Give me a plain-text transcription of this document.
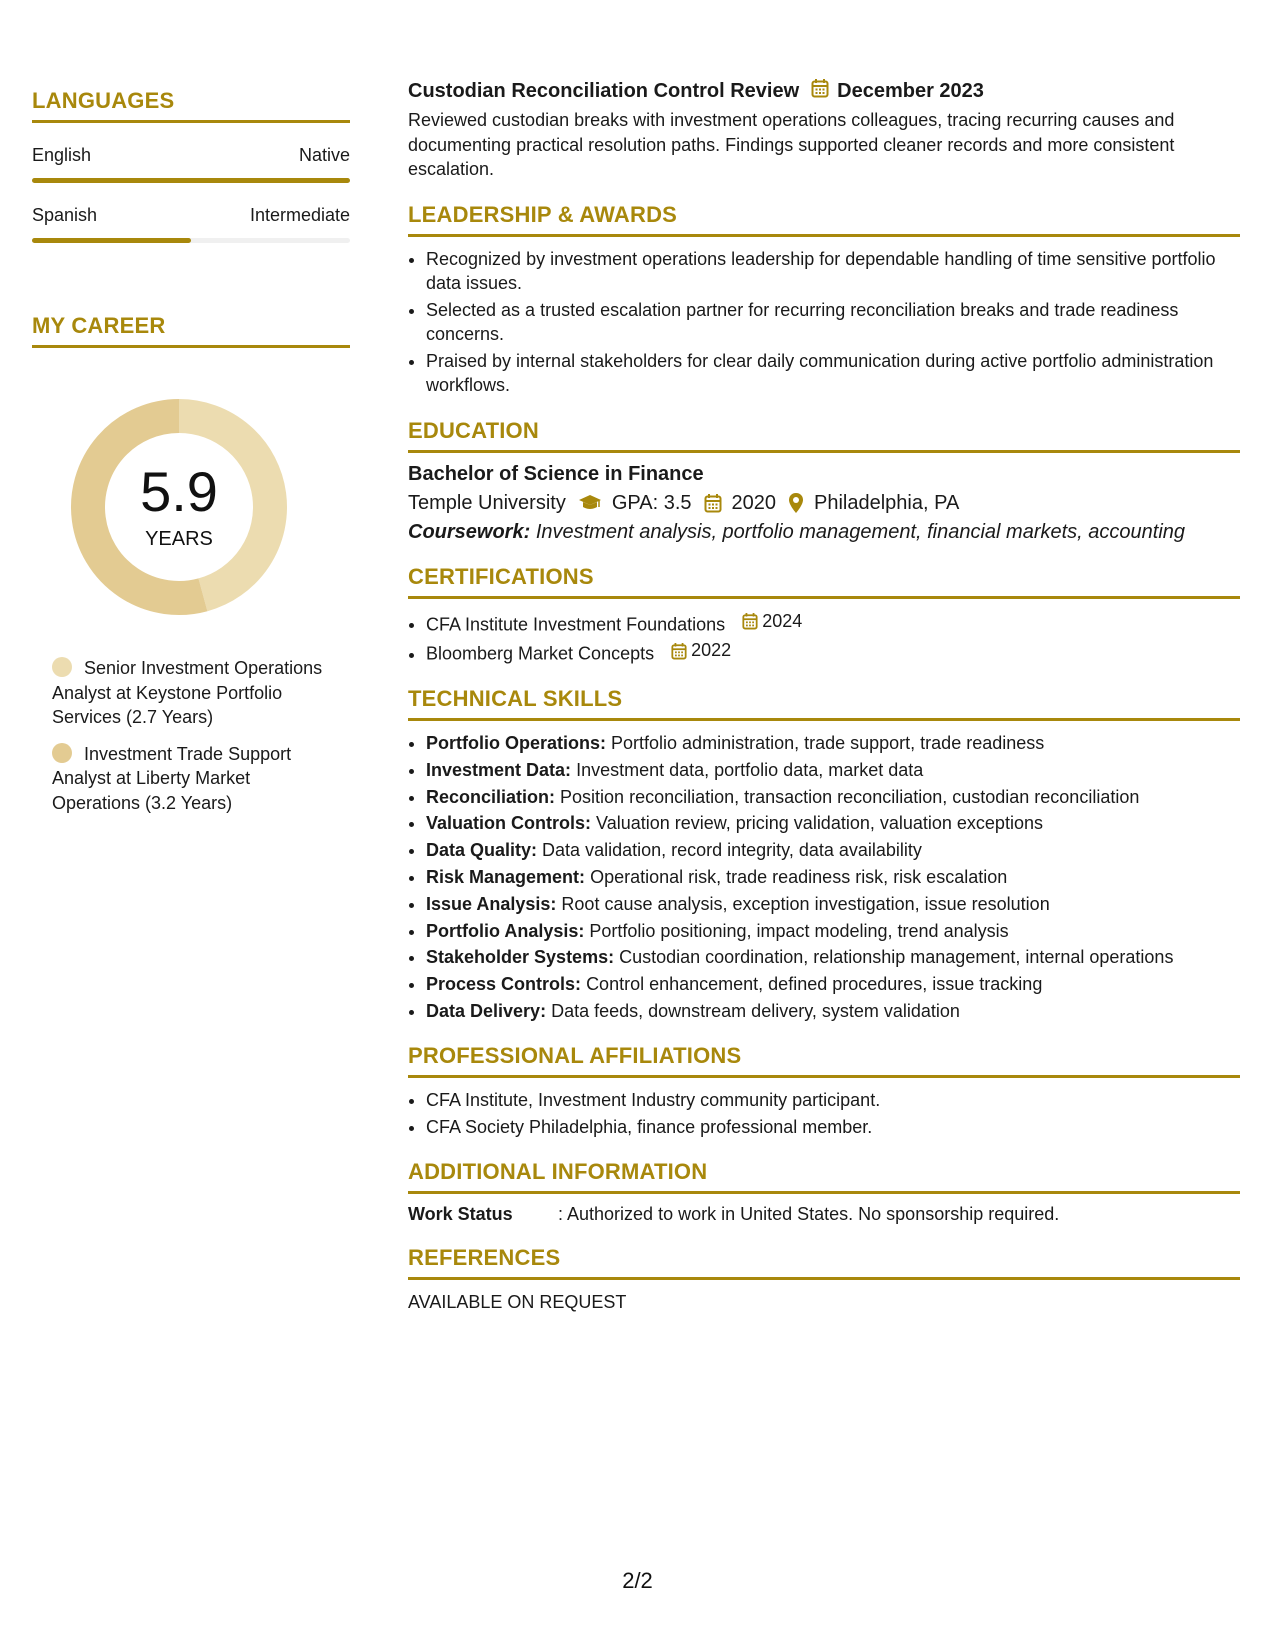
LANGUAGES
English	Native
Spanish	Intermediate
MY CAREER
5.9
YEARS
Senior Investment Operations Analyst at Keystone Portfolio Services (2.7 Years)
Investment Trade Support Analyst at Liberty Market Operations (3.2 Years)
Custodian Reconciliation Control Review December 2023
Reviewed custodian breaks with investment operations colleagues, tracing recurring causes and documenting practical resolution paths. Findings supported cleaner records and more consistent escalation.
LEADERSHIP & AWARDS
• Recognized by investment operations leadership for dependable handling of time sensitive portfolio data issues.
• Selected as a trusted escalation partner for recurring reconciliation breaks and trade readiness concerns.
• Praised by internal stakeholders for clear daily communication during active portfolio administration workflows.
EDUCATION
Bachelor of Science in Finance
Temple University GPA: 3.5 2020 Philadelphia, PA
Coursework: Investment analysis, portfolio management, financial markets, accounting
CERTIFICATIONS
• CFA Institute Investment Foundations 2024
• Bloomberg Market Concepts 2022
TECHNICAL SKILLS
• Portfolio Operations: Portfolio administration, trade support, trade readiness
• Investment Data: Investment data, portfolio data, market data
• Reconciliation: Position reconciliation, transaction reconciliation, custodian reconciliation
• Valuation Controls: Valuation review, pricing validation, valuation exceptions
• Data Quality: Data validation, record integrity, data availability
• Risk Management: Operational risk, trade readiness risk, risk escalation
• Issue Analysis: Root cause analysis, exception investigation, issue resolution
• Portfolio Analysis: Portfolio positioning, impact modeling, trend analysis
• Stakeholder Systems: Custodian coordination, relationship management, internal operations
• Process Controls: Control enhancement, defined procedures, issue tracking
• Data Delivery: Data feeds, downstream delivery, system validation
PROFESSIONAL AFFILIATIONS
• CFA Institute, Investment Industry community participant.
• CFA Society Philadelphia, finance professional member.
ADDITIONAL INFORMATION
Work Status	: Authorized to work in United States. No sponsorship required.
REFERENCES
AVAILABLE ON REQUEST
2/2
